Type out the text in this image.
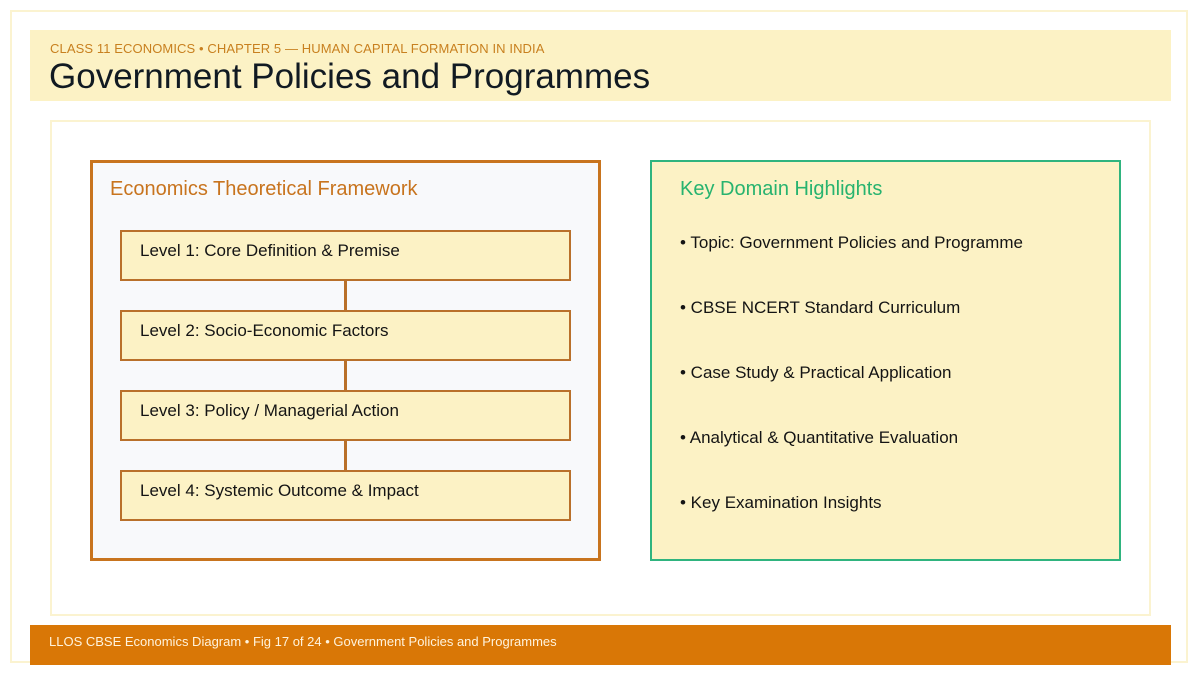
CLASS 11 ECONOMICS • CHAPTER 5 — HUMAN CAPITAL FORMATION IN INDIA
Government Policies and Programmes
Economics Theoretical Framework
Level 1: Core Definition & Premise
Level 2: Socio-Economic Factors
Level 3: Policy / Managerial Action
Level 4: Systemic Outcome & Impact
Key Domain Highlights
• Topic: Government Policies and Programme
• CBSE NCERT Standard Curriculum
• Case Study & Practical Application
• Analytical & Quantitative Evaluation
• Key Examination Insights
LLOS CBSE Economics Diagram • Fig 17 of 24 • Government Policies and Programmes
